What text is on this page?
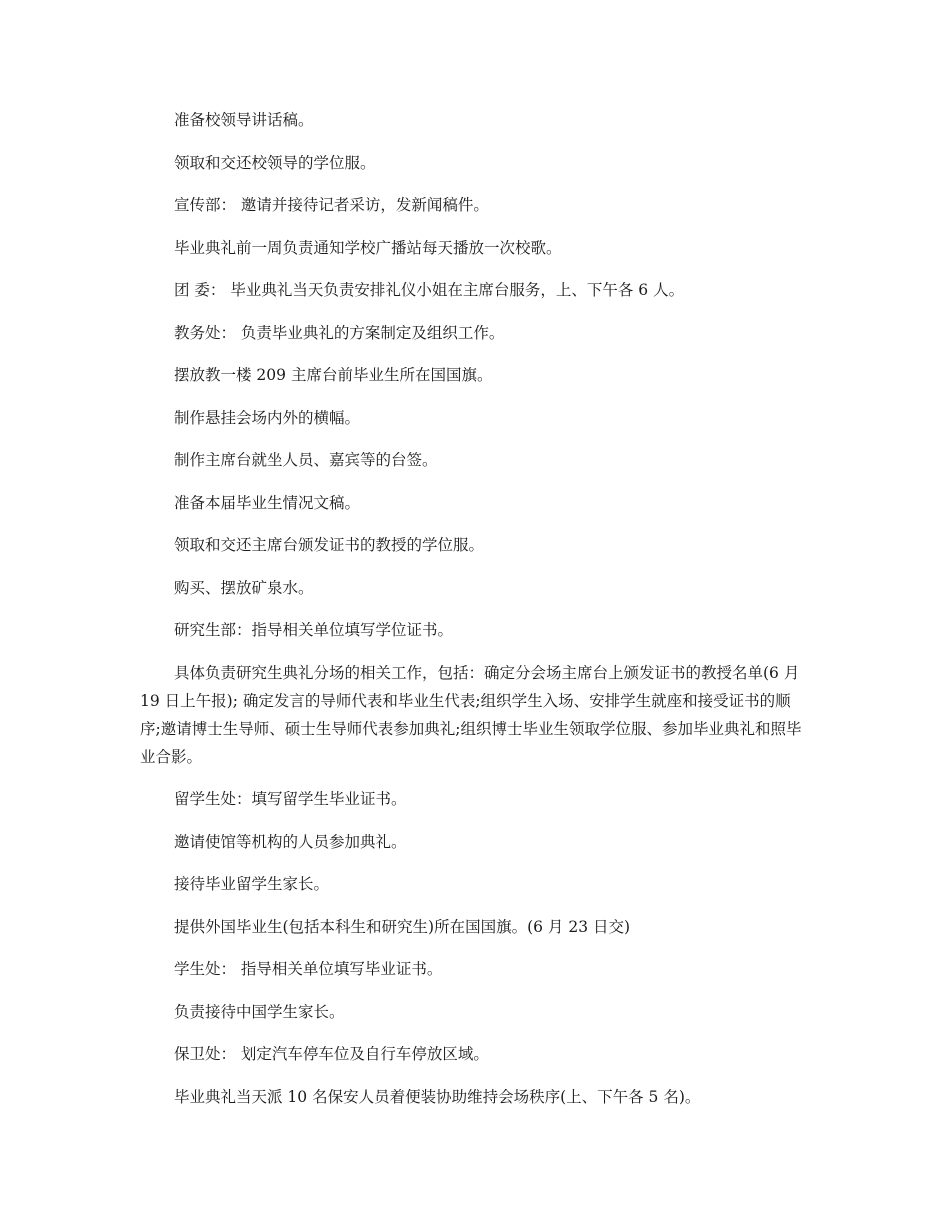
准备校领导讲话稿。

领取和交还校领导的学位服。

宣传部： 邀请并接待记者采访，发新闻稿件。

毕业典礼前一周负责通知学校广播站每天播放一次校歌。

团 委： 毕业典礼当天负责安排礼仪小姐在主席台服务，上、下午各 6 人。

教务处： 负责毕业典礼的方案制定及组织工作。

摆放教一楼 209 主席台前毕业生所在国国旗。

制作悬挂会场内外的横幅。

制作主席台就坐人员、嘉宾等的台签。

准备本届毕业生情况文稿。

领取和交还主席台颁发证书的教授的学位服。

购买、摆放矿泉水。

研究生部：指导相关单位填写学位证书。

具体负责研究生典礼分场的相关工作，包括：确定分会场主席台上颁发证书的教授名单(6 月 19 日上午报); 确定发言的导师代表和毕业生代表;组织学生入场、安排学生就座和接受证书的顺序;邀请博士生导师、硕士生导师代表参加典礼;组织博士毕业生领取学位服、参加毕业典礼和照毕业合影。

留学生处：填写留学生毕业证书。

邀请使馆等机构的人员参加典礼。

接待毕业留学生家长。

提供外国毕业生(包括本科生和研究生)所在国国旗。(6 月 23 日交)

学生处： 指导相关单位填写毕业证书。

负责接待中国学生家长。

保卫处： 划定汽车停车位及自行车停放区域。

毕业典礼当天派 10 名保安人员着便装协助维持会场秩序(上、下午各 5 名)。
